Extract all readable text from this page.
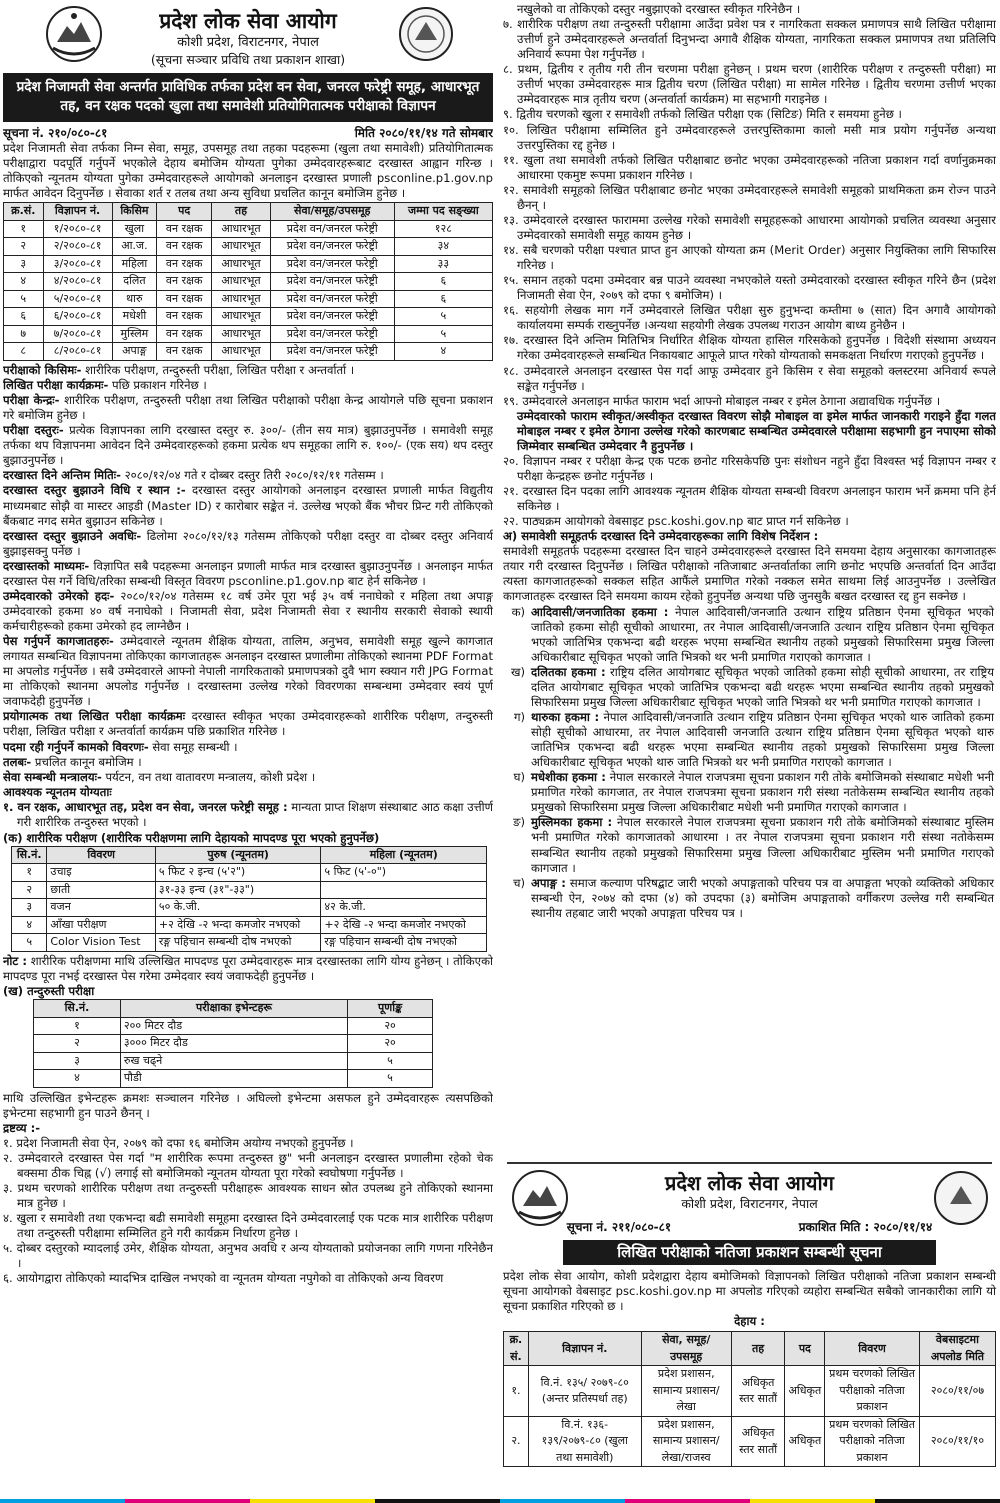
प्रदेश लोक सेवा आयोग
कोशी प्रदेश, विराटनगर, नेपाल
(सूचना सञ्चार प्रविधि तथा प्रकाशन शाखा)
प्रदेश निजामती सेवा अन्तर्गत प्राविधिक तर्फका प्रदेश वन सेवा, जनरल फरेष्ट्री समूह, आधारभूत तह, वन रक्षक पदको खुला तथा समावेशी प्रतियोगितात्मक परीक्षाको विज्ञापन
सूचना नं. २१०/०८०-८१	मिति २०८०/११/१४ गते सोमबार

प्रदेश निजामती सेवा तर्फका निम्न सेवा, समूह, उपसमूह तथा तहका पदहरूमा (खुला तथा समावेशी) प्रतियोगितात्मक परीक्षाद्वारा पदपूर्ति गर्नुपर्ने भएकोले देहाय बमोजिम योग्यता पुगेका उम्मेदवारहरूबाट दरखास्त आह्वान गरिन्छ । तोकिएको न्यूनतम योग्यता पुगेका उम्मेदवारहरूले आयोगको अनलाइन दरखास्त प्रणाली psconline.p1.gov.np मार्फत आवेदन दिनुपर्नेछ । सेवाका शर्त र तलब तथा अन्य सुविधा प्रचलित कानून बमोजिम हुनेछ ।

क्र.सं.	विज्ञापन नं.	किसिम	पद	तह	सेवा/समूह/उपसमूह	जम्मा पद सङ्ख्या
१	१/२०८०-८१	खुला	वन रक्षक	आधारभूत	प्रदेश वन/जनरल फरेष्ट्री	१२८
२	२/२०८०-८१	आ.ज.	वन रक्षक	आधारभूत	प्रदेश वन/जनरल फरेष्ट्री	३४
३	३/२०८०-८१	महिला	वन रक्षक	आधारभूत	प्रदेश वन/जनरल फरेष्ट्री	३३
४	४/२०८०-८१	दलित	वन रक्षक	आधारभूत	प्रदेश वन/जनरल फरेष्ट्री	६
५	५/२०८०-८१	थारु	वन रक्षक	आधारभूत	प्रदेश वन/जनरल फरेष्ट्री	६
६	६/२०८०-८१	मधेशी	वन रक्षक	आधारभूत	प्रदेश वन/जनरल फरेष्ट्री	५
७	७/२०८०-८१	मुस्लिम	वन रक्षक	आधारभूत	प्रदेश वन/जनरल फरेष्ट्री	५
८	८/२०८०-८१	अपाङ्ग	वन रक्षक	आधारभूत	प्रदेश वन/जनरल फरेष्ट्री	४

परीक्षाको किसिमः- शारीरिक परीक्षण, तन्दुरुस्ती परीक्षा, लिखित परीक्षा र अन्तर्वार्ता ।

लिखित परीक्षा कार्यक्रमः- पछि प्रकाशन गरिनेछ ।

परीक्षा केन्द्रः- शारीरिक परीक्षण, तन्दुरुस्ती परीक्षा तथा लिखित परीक्षाको परीक्षा केन्द्र आयोगले पछि सूचना प्रकाशन गरे बमोजिम हुनेछ ।

परीक्षा दस्तुरः- प्रत्येक विज्ञापनका लागि दरखास्त दस्तुर रु. ३००/- (तीन सय मात्र) बुझाउनुपर्नेछ । समावेशी समूह तर्फका थप विज्ञापनमा आवेदन दिने उम्मेदवारहरूको हकमा प्रत्येक थप समूहका लागि रु. १००/- (एक सय) थप दस्तुर बुझाउनुपर्नेछ ।

दरखास्त दिने अन्तिम मितिः- २०८०/१२/०४ गते र दोब्बर दस्तुर तिरी २०८०/१२/११ गतेसम्म ।

दरखास्त दस्तुर बुझाउने विधि र स्थान :- दरखास्त दस्तुर आयोगको अनलाइन दरखास्त प्रणाली मार्फत विद्युतीय माध्यमबाट सोझै वा मास्टर आइडी (Master ID) र कारोबार सङ्केत नं. उल्लेख भएको बैंक भौचर प्रिन्ट गरी तोकिएको बैंकबाट नगद समेत बुझाउन सकिनेछ ।

दरखास्त दस्तुर बुझाउने अवधिः- ढिलोमा २०८०/१२/१३ गतेसम्म तोकिएको परीक्षा दस्तुर वा दोब्बर दस्तुर अनिवार्य बुझाइसक्नु पर्नेछ ।

दरखास्तको माध्यमः- विज्ञापित सबै पदहरूमा अनलाइन प्रणाली मार्फत मात्र दरखास्त बुझाउनुपर्नेछ । अनलाइन मार्फत दरखास्त पेस गर्ने विधि/तरिका सम्बन्धी विस्तृत विवरण psconline.p1.gov.np बाट हेर्न सकिनेछ ।

उम्मेदवारको उमेरको हदः- २०८०/१२/०४ गतेसम्म १८ वर्ष उमेर पूरा भई ३५ वर्ष ननाघेको र महिला तथा अपाङ्ग उम्मेदवारको हकमा ४० वर्ष ननाघेको । निजामती सेवा, प्रदेश निजामती सेवा र स्थानीय सरकारी सेवाको स्थायी कर्मचारीहरूको हकमा उमेरको हद लाग्नेछैन ।

पेस गर्नुपर्ने कागजातहरुः- उम्मेदवारले न्यूनतम शैक्षिक योग्यता, तालिम, अनुभव, समावेशी समूह खुल्ने कागजात लगायत सम्बन्धित विज्ञापनमा तोकिएका कागजातहरू अनलाइन दरखास्त प्रणालीमा तोकिएको स्थानमा PDF Format मा अपलोड गर्नुपर्नेछ । सबै उम्मेदवारले आफ्नो नेपाली नागरिकताको प्रमाणपत्रको दुवै भाग स्क्यान गरी JPG Format मा तोकिएको स्थानमा अपलोड गर्नुपर्नेछ । दरखास्तमा उल्लेख गरेको विवरणका सम्बन्धमा उम्मेदवार स्वयं पूर्ण जवाफदेही हुनुपर्नेछ ।

प्रयोगात्मक तथा लिखित परीक्षा कार्यक्रमः दरखास्त स्वीकृत भएका उम्मेदवारहरूको शारीरिक परीक्षण, तन्दुरुस्ती परीक्षा, लिखित परीक्षा र अन्तर्वार्ता कार्यक्रम पछि प्रकाशित गरिनेछ ।

पदमा रही गर्नुपर्ने कामको विवरणः- सेवा समूह सम्बन्धी ।

तलबः- प्रचलित कानून बमोजिम ।

सेवा सम्बन्धी मन्त्रालयः- पर्यटन, वन तथा वातावरण मन्त्रालय, कोशी प्रदेश ।

आवश्यक न्यूनतम योग्यताः

१. वन रक्षक, आधारभूत तह, प्रदेश वन सेवा, जनरल फरेष्ट्री समूह : मान्यता प्राप्त शिक्षण संस्थाबाट आठ कक्षा उत्तीर्ण गरी शारीरिक तन्दुरुस्त भएको ।

(क) शारीरिक परीक्षण (शारीरिक परीक्षणमा लागि देहायको मापदण्ड पूरा भएको हुनुपर्नेछ)
सि.नं.	विवरण	पुरुष (न्यूनतम)	महिला (न्यूनतम)
१	उचाइ	५ फिट २ इन्च (५'२")	५ फिट (५'-०")
२	छाती	३१-३३ इन्च (३१"-३३")	
३	वजन	५० के.जी.	४२ के.जी.
४	आँखा परीक्षण	+२ देखि -२ भन्दा कमजोर नभएको	+२ देखि -२ भन्दा कमजोर नभएको
५	Color Vision Test	रङ्ग पहिचान सम्बन्धी दोष नभएको	रङ्ग पहिचान सम्बन्धी दोष नभएको

नोट : शारीरिक परीक्षणमा माथि उल्लिखित मापदण्ड पूरा उम्मेदवारहरू मात्र दरखास्तका लागि योग्य हुनेछन् । तोकिएको मापदण्ड पूरा नभई दरखास्त पेस गरेमा उम्मेदवार स्वयं जवाफदेही हुनुपर्नेछ ।

(ख) तन्दुरुस्ती परीक्षा
सि.नं.	परीक्षाका इभेन्टहरू	पूर्णाङ्क
१	२०० मिटर दौड	२०
२	३००० मिटर दौड	२०
३	रुख चढ्ने	५
४	पौडी	५

माथि उल्लिखित इभेन्टहरू क्रमशः सञ्चालन गरिनेछ । अघिल्लो इभेन्टमा असफल हुने उम्मेदवारहरू त्यसपछिको इभेन्टमा सहभागी हुन पाउने छैनन् ।

द्रष्टव्य :-

१. प्रदेश निजामती सेवा ऐन, २०७९ को दफा १६ बमोजिम अयोग्य नभएको हुनुपर्नेछ ।

२. उम्मेदवारले दरखास्त पेस गर्दा "म शारीरिक रूपमा तन्दुरुस्त छु" भनी अनलाइन दरखास्त प्रणालीमा रहेको चेक बक्समा ठीक चिह्न (√) लगाई सो बमोजिमको न्यूनतम योग्यता पूरा गरेको स्वघोषणा गर्नुपर्नेछ ।

३. प्रथम चरणको शारीरिक परीक्षण तथा तन्दुरुस्ती परीक्षाहरू आवश्यक साधन स्रोत उपलब्ध हुने तोकिएको स्थानमा मात्र हुनेछ ।

४. खुला र समावेशी तथा एकभन्दा बढी समावेशी समूहमा दरखास्त दिने उम्मेदवारलाई एक पटक मात्र शारीरिक परीक्षण तथा तन्दुरुस्ती परीक्षामा सम्मिलित हुने गरी कार्यक्रम निर्धारण हुनेछ ।

५. दोब्बर दस्तुरको म्यादलाई उमेर, शैक्षिक योग्यता, अनुभव अवधि र अन्य योग्यताको प्रयोजनका लागि गणना गरिनेछैन ।

६. आयोगद्वारा तोकिएको म्यादभित्र दाखिल नभएको वा न्यूनतम योग्यता नपुगेको वा तोकिएको अन्य विवरण

नखुलेको वा तोकिएको दस्तुर नबुझाएको दरखास्त स्वीकृत गरिनेछैन ।

७. शारीरिक परीक्षण तथा तन्दुरुस्ती परीक्षामा आउँदा प्रवेश पत्र र नागरिकता सक्कल प्रमाणपत्र साथै लिखित परीक्षामा उत्तीर्ण हुने उम्मेदवारहरूले अन्तर्वार्ता दिनुभन्दा अगावै शैक्षिक योग्यता, नागरिकता सक्कल प्रमाणपत्र तथा प्रतिलिपि अनिवार्य रूपमा पेश गर्नुपर्नेछ ।

८. प्रथम, द्वितीय र तृतीय गरी तीन चरणमा परीक्षा हुनेछन् । प्रथम चरण (शारीरिक परीक्षण र तन्दुरुस्ती परीक्षा) मा उत्तीर्ण भएका उम्मेदवारहरू मात्र द्वितीय चरण (लिखित परीक्षा) मा सामेल गरिनेछ । द्वितीय चरणमा उत्तीर्ण भएका उम्मेदवारहरू मात्र तृतीय चरण (अन्तर्वार्ता कार्यक्रम) मा सहभागी गराइनेछ ।

९. द्वितीय चरणको खुला र समावेशी तर्फको लिखित परीक्षा एक (सिटिङ) मिति र समयमा हुनेछ ।

१०. लिखित परीक्षामा सम्मिलित हुने उम्मेदवारहरूले उत्तरपुस्तिकामा कालो मसी मात्र प्रयोग गर्नुपर्नेछ अन्यथा उत्तरपुस्तिका रद्द हुनेछ ।

११. खुला तथा समावेशी तर्फको लिखित परीक्षाबाट छनोट भएका उम्मेदवारहरूको नतिजा प्रकाशन गर्दा वर्णानुक्रमका आधारमा एकमुष्ट रूपमा प्रकाशन गरिनेछ ।

१२. समावेशी समूहको लिखित परीक्षाबाट छनोट भएका उम्मेदवारहरूले समावेशी समूहको प्राथमिकता क्रम रोज्न पाउने छैनन् ।

१३. उम्मेदवारले दरखास्त फाराममा उल्लेख गरेको समावेशी समूहहरूको आधारमा आयोगको प्रचलित व्यवस्था अनुसार उम्मेदवारको समावेशी समूह कायम हुनेछ ।

१४. सबै चरणको परीक्षा पश्चात प्राप्त हुन आएको योग्यता क्रम (Merit Order) अनुसार नियुक्तिका लागि सिफारिस गरिनेछ ।

१५. समान तहको पदमा उम्मेदवार बन्न पाउने व्यवस्था नभएकोले यस्तो उम्मेदवारको दरखास्त स्वीकृत गरिने छैन (प्रदेश निजामती सेवा ऐन, २०७९ को दफा ९ बमोजिम) ।

१६. सहयोगी लेखक माग गर्ने उम्मेदवारले लिखित परीक्षा सुरु हुनुभन्दा कम्तीमा ७ (सात) दिन अगावै आयोगको कार्यालयमा सम्पर्क राख्नुपर्नेछ ।अन्यथा सहयोगी लेखक उपलब्ध गराउन आयोग बाध्य हुनेछैन ।

१७. दरखास्त दिने अन्तिम मितिभित्र निर्धारित शैक्षिक योग्यता हासिल गरिसकेको हुनुपर्नेछ । विदेशी संस्थामा अध्ययन गरेका उम्मेदवारहरूले सम्बन्धित निकायबाट आफूले प्राप्त गरेको योग्यताको समकक्षता निर्धारण गराएको हुनुपर्नेछ ।

१८. उम्मेदवारले अनलाइन दरखास्त पेस गर्दा आफू उम्मेदवार हुने किसिम र सेवा समूहको क्लस्टरमा अनिवार्य रूपले सङ्केत गर्नुपर्नेछ ।

१९. उम्मेदवारले अनलाइन मार्फत फाराम भर्दा आफ्नो मोबाइल नम्बर र इमेल ठेगाना अद्यावधिक गर्नुपर्नेछ ।

उम्मेदवारको फाराम स्वीकृत/अस्वीकृत दरखास्त विवरण सोझै मोबाइल वा इमेल मार्फत जानकारी गराइने हुँदा गलत मोबाइल नम्बर र इमेल ठेगाना उल्लेख गरेको कारणबाट सम्बन्धित उम्मेदवारले परीक्षामा सहभागी हुन नपाएमा सोको जिम्मेवार सम्बन्धित उम्मेदवार नै हुनुपर्नेछ ।

२०. विज्ञापन नम्बर र परीक्षा केन्द्र एक पटक छनोट गरिसकेपछि पुनः संशोधन नहुने हुँदा विश्वस्त भई विज्ञापन नम्बर र परीक्षा केन्द्रहरू छनोट गर्नुपर्नेछ ।

२१. दरखास्त दिन पदका लागि आवश्यक न्यूनतम शैक्षिक योग्यता सम्बन्धी विवरण अनलाइन फाराम भर्ने क्रममा पनि हेर्न सकिनेछ ।

२२. पाठ्यक्रम आयोगको वेबसाइट psc.koshi.gov.np बाट प्राप्त गर्न सकिनेछ ।

अ) समावेशी समूहतर्फ दरखास्त दिने उम्मेदवारहरूका लागि विशेष निर्देशन :

समावेशी समूहतर्फ पदहरूमा दरखास्त दिन चाहने उम्मेदवारहरूले दरखास्त दिने समयमा देहाय अनुसारका कागजातहरू तयार गरी दरखास्त दिनुपर्नेछ । लिखित परीक्षाको नतिजाबाट अन्तर्वार्ताका लागि छनोट भएपछि अन्तर्वार्ता दिन आउँदा त्यस्ता कागजातहरूको सक्कल सहित आफैंले प्रमाणित गरेको नक्कल समेत साथमा लिई आउनुपर्नेछ । उल्लेखित कागजातहरू दरखास्त दिने समयमा कायम रहेको हुनुपर्नेछ अन्यथा पछि जुनसुकै बखत दरखास्त रद्द हुन सक्नेछ ।

क) आदिवासी/जनजातिका हकमा : नेपाल आदिवासी/जनजाति उत्थान राष्ट्रिय प्रतिष्ठान ऐनमा सूचिकृत भएको जातिको हकमा सोही सूचीको आधारमा, तर नेपाल आदिवासी/जनजाति उत्थान राष्ट्रिय प्रतिष्ठान ऐनमा सूचिकृत भएको जातिभित्र एकभन्दा बढी थरहरू भएमा सम्बन्धित स्थानीय तहको प्रमुखको सिफारिसमा प्रमुख जिल्ला अधिकारीबाट सूचिकृत भएको जाति भित्रको थर भनी प्रमाणित गराएको कागजात ।
ख) दलितका हकमा : राष्ट्रिय दलित आयोगबाट सूचिकृत भएको जातिको हकमा सोही सूचीको आधारमा, तर राष्ट्रिय दलित आयोगबाट सूचिकृत भएको जातिभित्र एकभन्दा बढी थरहरू भएमा सम्बन्धित स्थानीय तहको प्रमुखको सिफारिसमा प्रमुख जिल्ला अधिकारीबाट सूचिकृत भएको जाति भित्रको थर भनी प्रमाणित गराएको कागजात ।
ग) थारुका हकमा : नेपाल आदिवासी/जनजाति उत्थान राष्ट्रिय प्रतिष्ठान ऐनमा सूचिकृत भएको थारु जातिको हकमा सोही सूचीको आधारमा, तर नेपाल आदिवासी जनजाति उत्थान राष्ट्रिय प्रतिष्ठान ऐनमा सूचिकृत भएको थारु जातिभित्र एकभन्दा बढी थरहरू भएमा सम्बन्धित स्थानीय तहको प्रमुखको सिफारिसमा प्रमुख जिल्ला अधिकारीबाट सूचिकृत भएको थारु जाति भित्रको थर भनी प्रमाणित गराएको कागजात ।
घ) मधेशीका हकमा : नेपाल सरकारले नेपाल राजपत्रमा सूचना प्रकाशन गरी तोके बमोजिमको संस्थाबाट मधेशी भनी प्रमाणित गरेको कागजात, तर नेपाल राजपत्रमा सूचना प्रकाशन गरी संस्था नतोकेसम्म सम्बन्धित स्थानीय तहको प्रमुखको सिफारिसमा प्रमुख जिल्ला अधिकारीबाट मधेशी भनी प्रमाणित गराएको कागजात ।
ङ) मुस्लिमका हकमा : नेपाल सरकारले नेपाल राजपत्रमा सूचना प्रकाशन गरी तोके बमोजिमको संस्थाबाट मुस्लिम भनी प्रमाणित गरेको कागजातको आधारमा । तर नेपाल राजपत्रमा सूचना प्रकाशन गरी संस्था नतोकेसम्म सम्बन्धित स्थानीय तहको प्रमुखको सिफारिसमा प्रमुख जिल्ला अधिकारीबाट मुस्लिम भनी प्रमाणित गराएको कागजात ।
च) अपाङ्ग : समाज कल्याण परिषद्बाट जारी भएको अपाङ्गताको परिचय पत्र वा अपाङ्गता भएको व्यक्तिको अधिकार सम्बन्धी ऐन, २०७४ को दफा (४) को उपदफा (३) बमोजिम अपाङ्गताको वर्गीकरण उल्लेख गरी सम्बन्धित स्थानीय तहबाट जारी भएको अपाङ्गता परिचय पत्र ।
प्रदेश लोक सेवा आयोग
कोशी प्रदेश, विराटनगर, नेपाल
सूचना नं. २११/०८०-८१	प्रकाशित मिति : २०८०/११/१४
लिखित परीक्षाको नतिजा प्रकाशन सम्बन्धी सूचना

प्रदेश लोक सेवा आयोग, कोशी प्रदेशद्वारा देहाय बमोजिमको विज्ञापनको लिखित परीक्षाको नतिजा प्रकाशन सम्बन्धी सूचना आयोगको वेबसाइट psc.koshi.gov.np मा अपलोड गरिएको व्यहोरा सम्बन्धित सबैको जानकारीका लागि यो सूचना प्रकाशित गरिएको छ ।

देहाय :
क्र. सं.	विज्ञापन नं.	सेवा, समूह/ उपसमूह	तह	पद	विवरण	वेबसाइटमा अपलोड मिति
१.	वि.नं. १३५/ २०७९-८० (अन्तर प्रतिस्पर्धा तह)	प्रदेश प्रशासन, सामान्य प्रशासन/लेखा	अधिकृत स्तर सातौं	अधिकृत	प्रथम चरणको लिखित परीक्षाको नतिजा प्रकाशन	२०८०/११/०७
२.	वि.नं. १३६- १३९/२०७९-८० (खुला तथा समावेशी)	प्रदेश प्रशासन, सामान्य प्रशासन/ लेखा/राजस्व	अधिकृत स्तर सातौं	अधिकृत	प्रथम चरणको लिखित परीक्षाको नतिजा प्रकाशन	२०८०/११/१०
